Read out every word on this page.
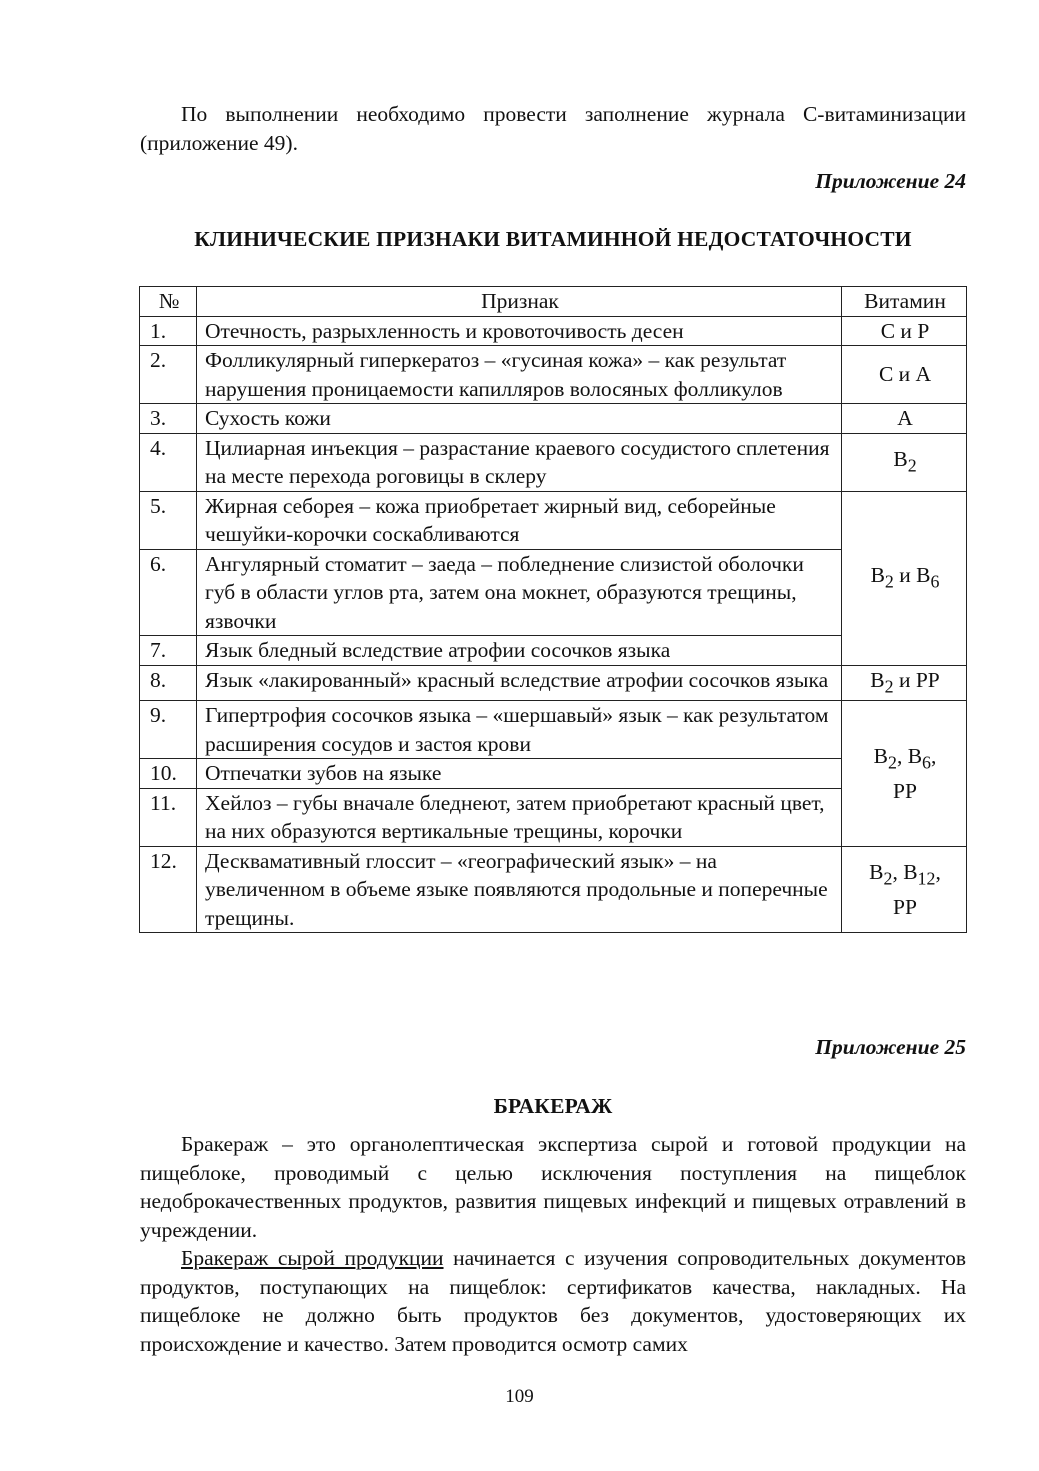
По выполнении необходимо провести заполнение журнала С-витаминизации (приложение 49).

Приложение 24
КЛИНИЧЕСКИЕ ПРИЗНАКИ ВИТАМИННОЙ НЕДОСТАТОЧНОСТИ
№	Признак	Витамин
1.	Отечность, разрыхленность и кровоточивость десен	С и Р
2.	Фолликулярный гиперкератоз – «гусиная кожа» – как результат нарушения проницаемости капилляров волосяных фолликулов	С и А
3.	Сухость кожи	А
4.	Цилиарная инъекция – разрастание краевого сосудистого сплетения на месте перехода роговицы в склеру	$В_2$
5.	Жирная себорея – кожа приобретает жирный вид, себорейные чешуйки-корочки соскабливаются	$В_2$ и $В_6$
6.	Ангулярный стоматит – заеда – побледнение слизистой оболочки губ в области углов рта, затем она мокнет, образуются трещины, язвочки	
7.	Язык бледный вследствие атрофии сосочков языка	
8.	Язык «лакированный» красный вследствие атрофии сосочков языка	$В_2$ и РР
9.	Гипертрофия сосочков языка – «шершавый» язык – как результатом расширения сосудов и застоя крови	$В_2$, $В_6$,
РР

10.	Отпечатки зубов на языке	
11.	Хейлоз – губы вначале бледнеют, затем приобретают красный цвет, на них образуются вертикальные трещины, корочки	
12.	Десквамативный глоссит – «географический язык» – на увеличенном в объеме языке появляются продольные и поперечные трещины.	$В_2$, $В_{12}$,
РР
Приложение 25
БРАКЕРАЖ

Бракераж – это органолептическая экспертиза сырой и готовой продукции на пищеблоке, проводимый с целью исключения поступления на пищеблок недоброкачественных продуктов, развития пищевых инфекций и пищевых отравлений в учреждении.

Бракераж сырой продукции начинается с изучения сопроводительных документов продуктов, поступающих на пищеблок: сертификатов качества, накладных. На пищеблоке не должно быть продуктов без документов, удостоверяющих их происхождение и качество. Затем проводится осмотр самих

109
